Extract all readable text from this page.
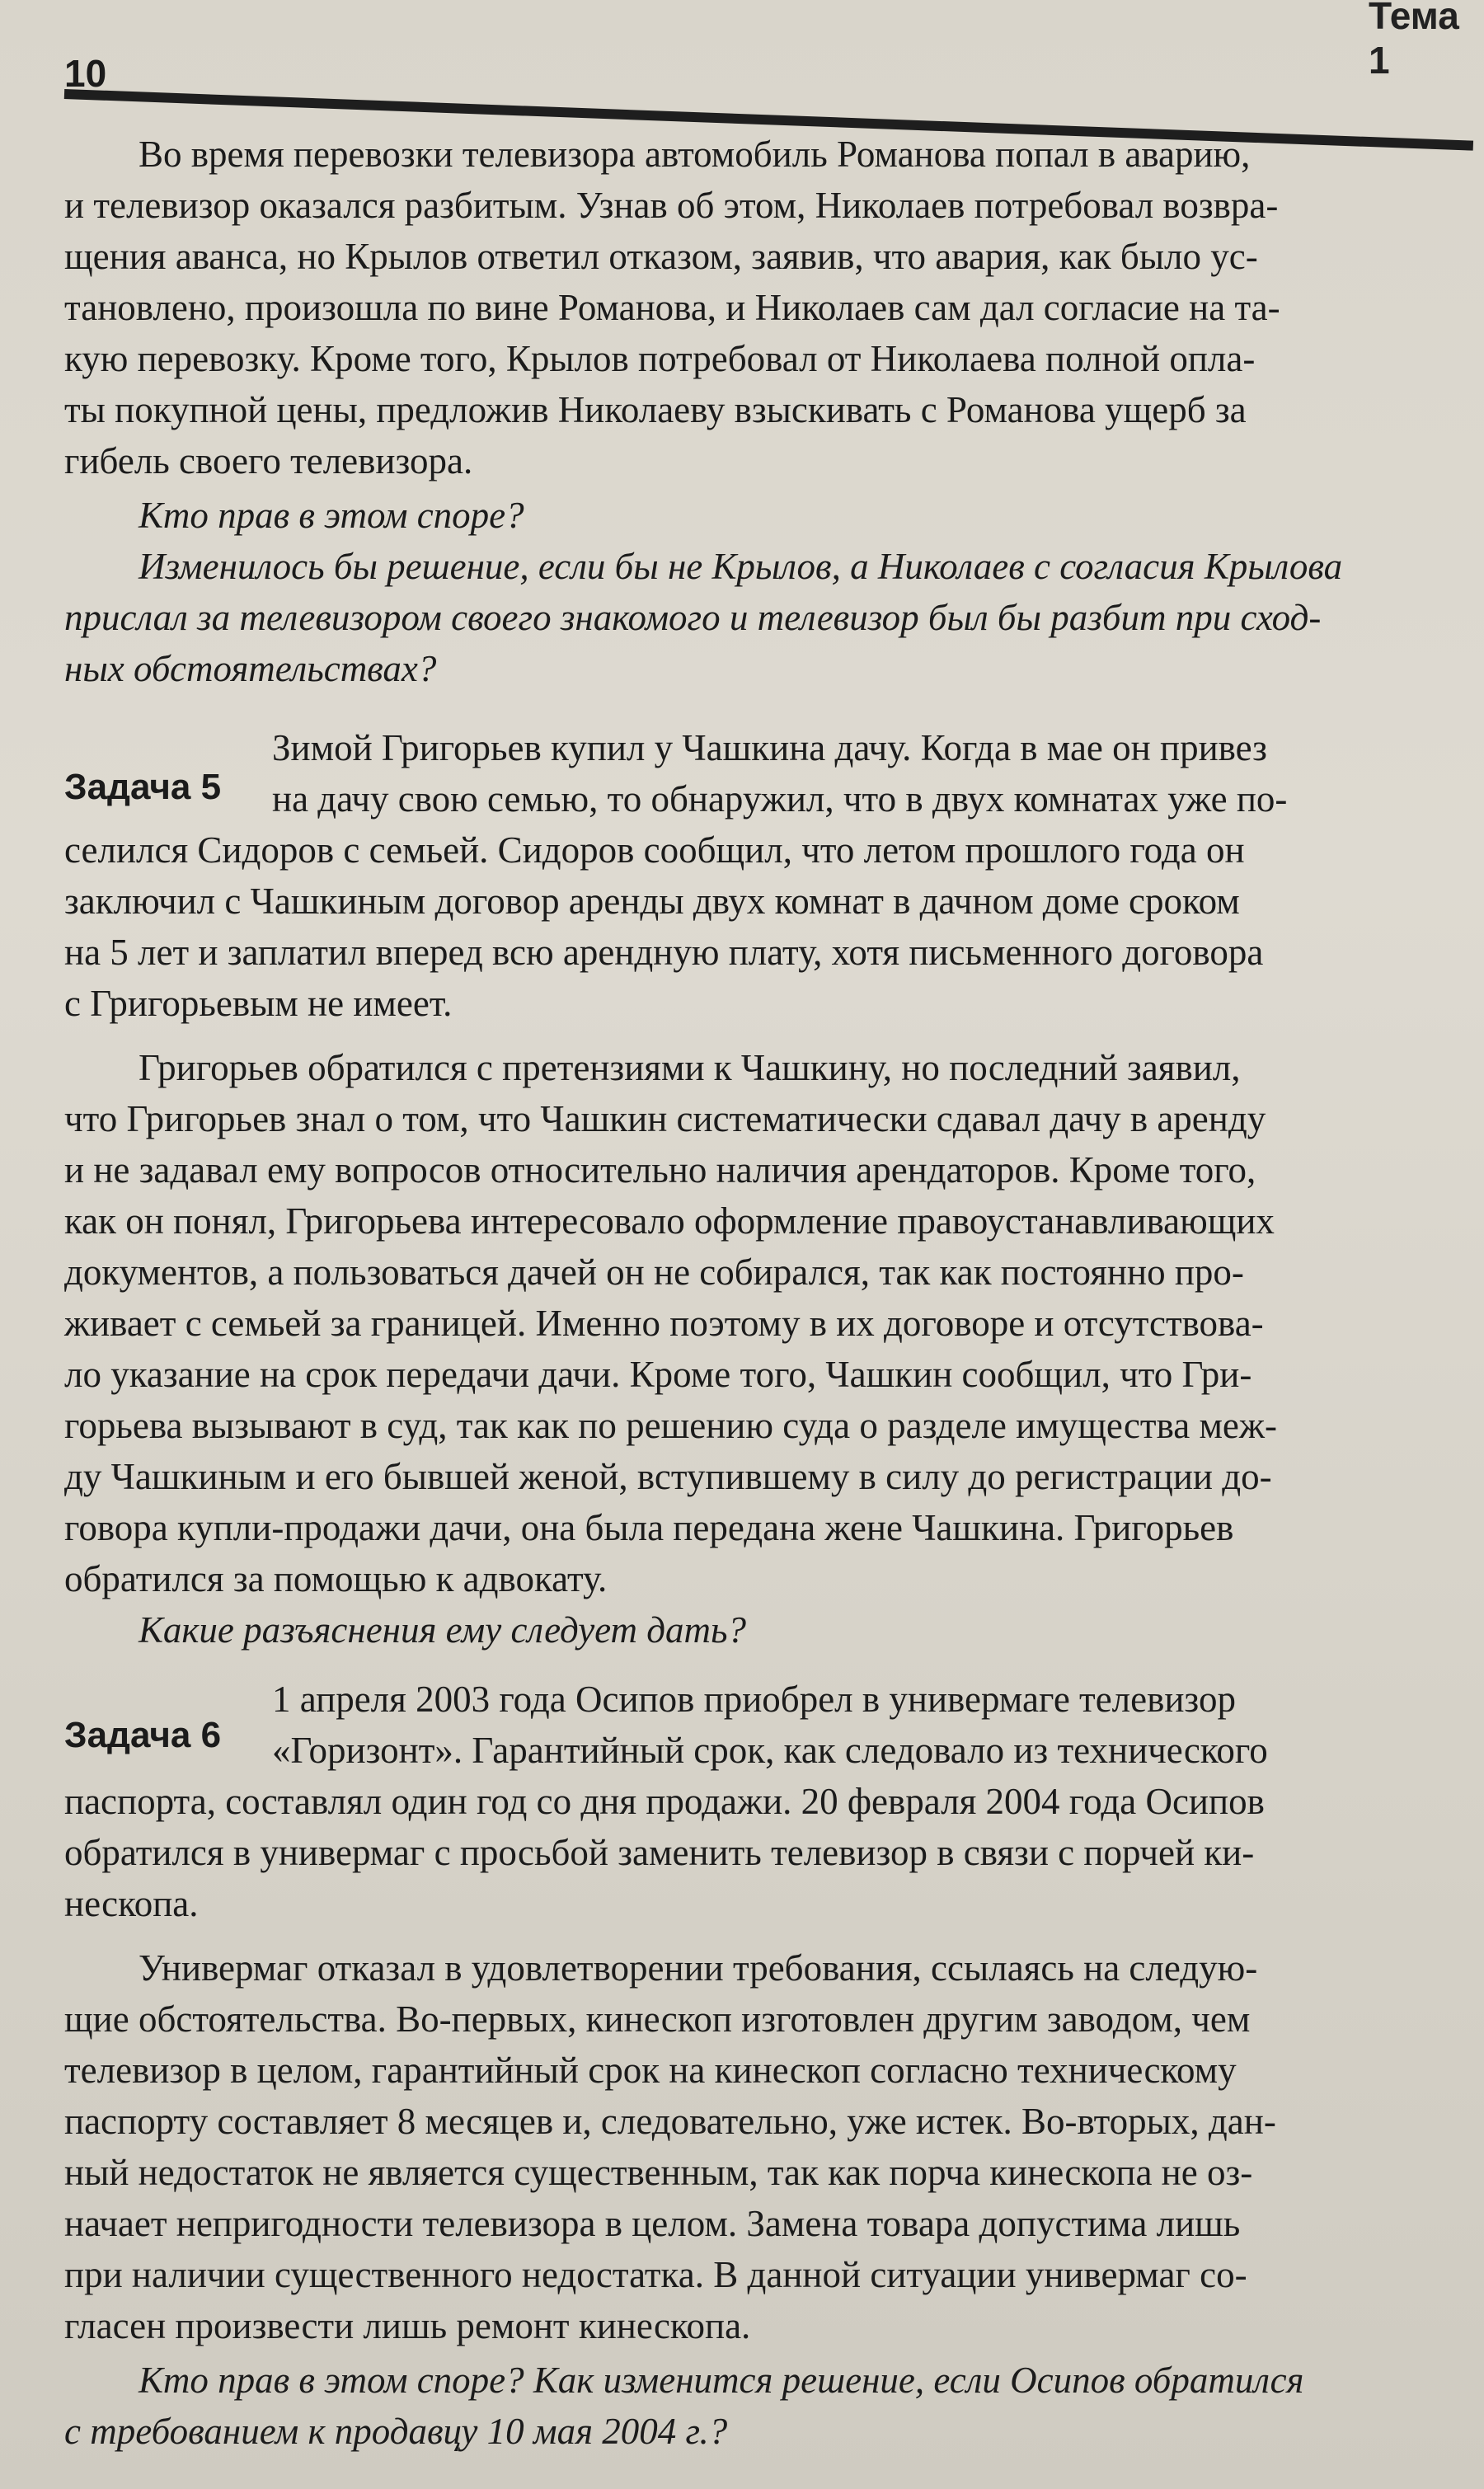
Тема 1
10
Во время перевозки телевизора автомобиль Романова попал в аварию,
и телевизор оказался разбитым. Узнав об этом, Николаев потребовал возвра-
щения аванса, но Крылов ответил отказом, заявив, что авария, как было ус-
тановлено, произошла по вине Романова, и Николаев сам дал согласие на та-
кую перевозку. Кроме того, Крылов потребовал от Николаева полной опла-
ты покупной цены, предложив Николаеву взыскивать с Романова ущерб за
гибель своего телевизора.
Кто прав в этом споре?
Изменилось бы решение, если бы не Крылов, а Николаев с согласия Крылова
прислал за телевизором своего знакомого и телевизор был бы разбит при сход-
ных обстоятельствах?
Задача 5
Зимой Григорьев купил у Чашкина дачу. Когда в мае он привез
на дачу свою семью, то обнаружил, что в двух комнатах уже по-
селился Сидоров с семьей. Сидоров сообщил, что летом прошлого года он
заключил с Чашкиным договор аренды двух комнат в дачном доме сроком
на 5 лет и заплатил вперед всю арендную плату, хотя письменного договора
с Григорьевым не имеет.
Григорьев обратился с претензиями к Чашкину, но последний заявил,
что Григорьев знал о том, что Чашкин систематически сдавал дачу в аренду
и не задавал ему вопросов относительно наличия арендаторов. Кроме того,
как он понял, Григорьева интересовало оформление правоустанавливающих
документов, а пользоваться дачей он не собирался, так как постоянно про-
живает с семьей за границей. Именно поэтому в их договоре и отсутствова-
ло указание на срок передачи дачи. Кроме того, Чашкин сообщил, что Гри-
горьева вызывают в суд, так как по решению суда о разделе имущества меж-
ду Чашкиным и его бывшей женой, вступившему в силу до регистрации до-
говора купли-продажи дачи, она была передана жене Чашкина. Григорьев
обратился за помощью к адвокату.
Какие разъяснения ему следует дать?
Задача 6
1 апреля 2003 года Осипов приобрел в универмаге телевизор
«Горизонт». Гарантийный срок, как следовало из технического
паспорта, составлял один год со дня продажи. 20 февраля 2004 года Осипов
обратился в универмаг с просьбой заменить телевизор в связи с порчей ки-
нескопа.
Универмаг отказал в удовлетворении требования, ссылаясь на следую-
щие обстоятельства. Во-первых, кинескоп изготовлен другим заводом, чем
телевизор в целом, гарантийный срок на кинескоп согласно техническому
паспорту составляет 8 месяцев и, следовательно, уже истек. Во-вторых, дан-
ный недостаток не является существенным, так как порча кинескопа не оз-
начает непригодности телевизора в целом. Замена товара допустима лишь
при наличии существенного недостатка. В данной ситуации универмаг со-
гласен произвести лишь ремонт кинескопа.
Кто прав в этом споре? Как изменится решение, если Осипов обратился
с требованием к продавцу 10 мая 2004 г.?
